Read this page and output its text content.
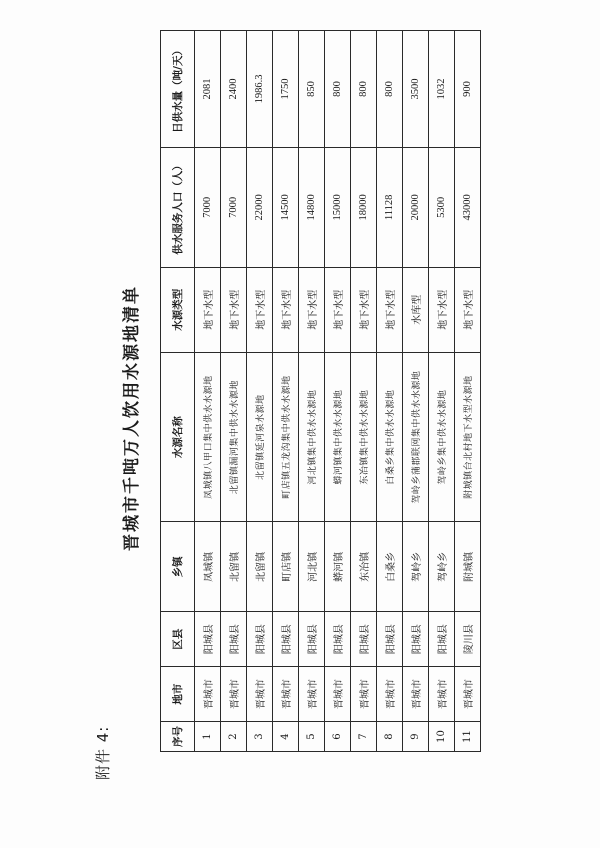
附件 4:
晋城市千吨万人饮用水源地清单
序号	地市	区县	乡镇	水源名称	水源类型	供水服务人口（人）	日供水量（吨/天）
1	晋城市	阳城县	凤城镇	凤城镇八甲口集中供水水源地	地下水型	7000	2081
2	晋城市	阳城县	北留镇	北留镇漏河集中供水水源地	地下水型	7000	2400
3	晋城市	阳城县	北留镇	北留镇延河泉水源地	地下水型	22000	1986.3
4	晋城市	阳城县	町店镇	町店镇五龙沟集中供水水源地	地下水型	14500	1750
5	晋城市	阳城县	河北镇	河北镇集中供水水源地	地下水型	14800	850
6	晋城市	阳城县	蟒河镇	蟒河镇集中供水水源地	地下水型	15000	800
7	晋城市	阳城县	东冶镇	东冶镇集中供水水源地	地下水型	18000	800
8	晋城市	阳城县	白桑乡	白桑乡集中供水水源地	地下水型	11128	800
9	晋城市	阳城县	驾岭乡	驾岭乡蒲郡联网集中供水水源地	水库型	20000	3500
10	晋城市	阳城县	驾岭乡	驾岭乡集中供水水源地	地下水型	5300	1032
11	晋城市	陵川县	附城镇	附城镇台北村地下水型水源地	地下水型	43000	900
